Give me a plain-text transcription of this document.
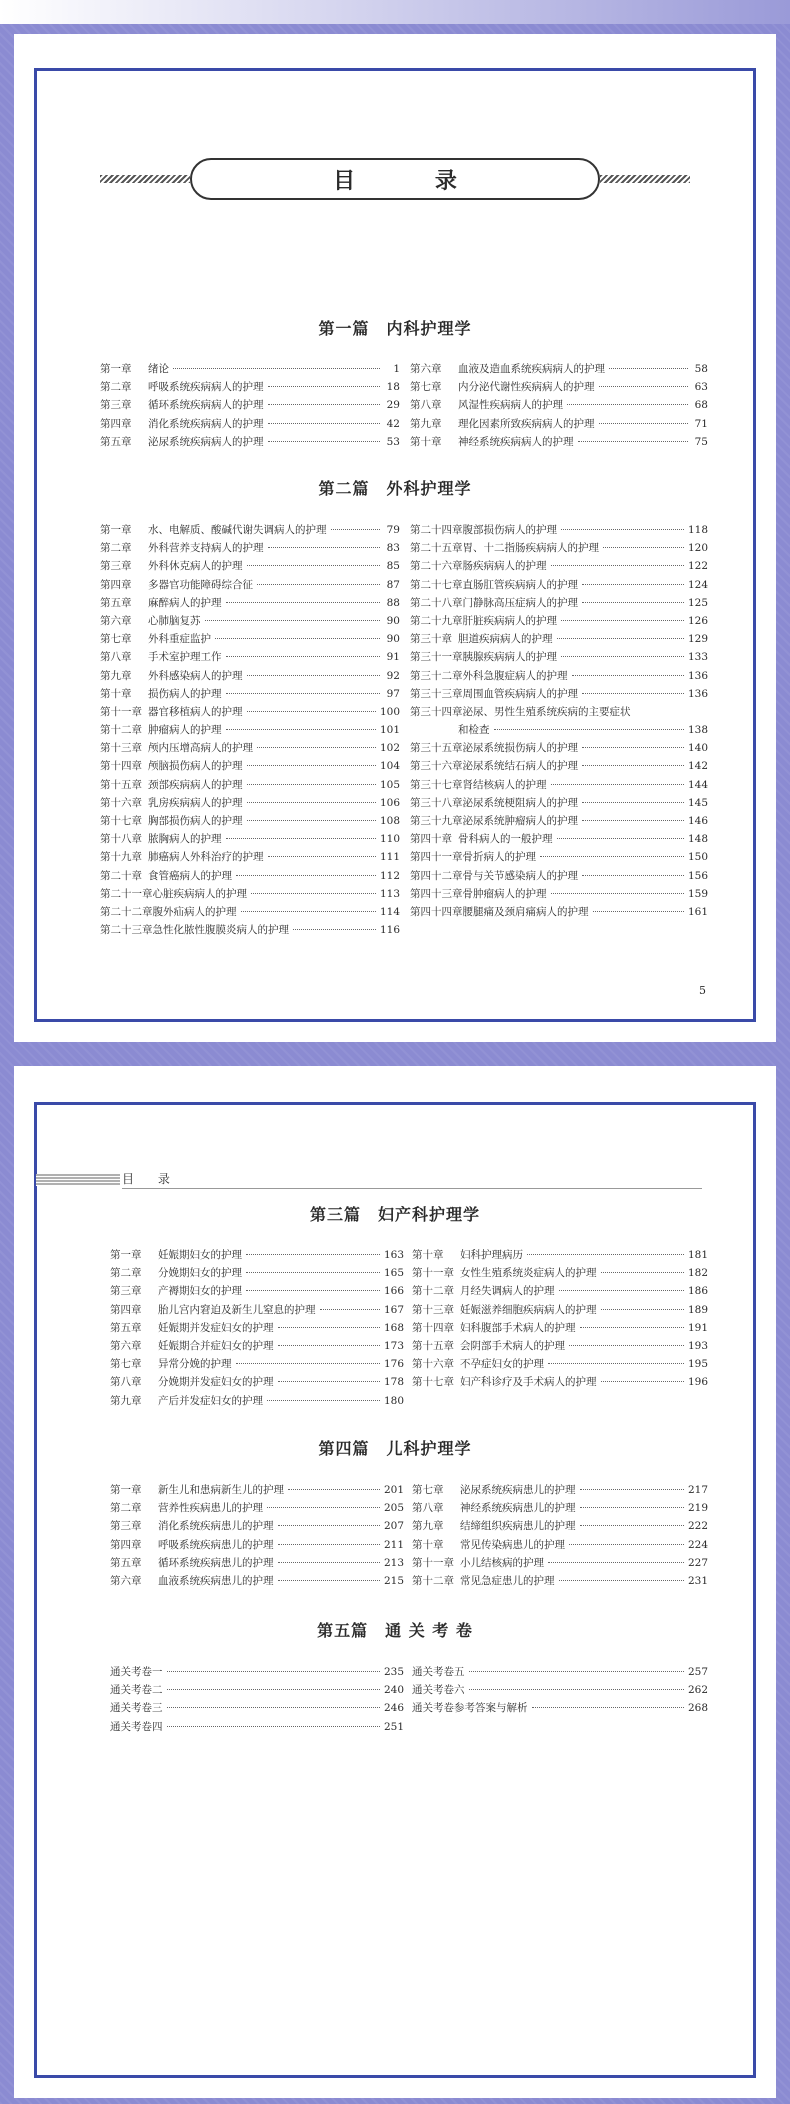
目 录
第一篇　内科护理学
第一章	绪论	1
第二章	呼吸系统疾病病人的护理	18
第三章	循环系统疾病病人的护理	29
第四章	消化系统疾病病人的护理	42
第五章	泌尿系统疾病病人的护理	53
第六章	血液及造血系统疾病病人的护理	58
第七章	内分泌代谢性疾病病人的护理	63
第八章	风湿性疾病病人的护理	68
第九章	理化因素所致疾病病人的护理	71
第十章	神经系统疾病病人的护理	75
第二篇　外科护理学
第一章	水、电解质、酸碱代谢失调病人的护理	79
第二章	外科营养支持病人的护理	83
第三章	外科休克病人的护理	85
第四章	多器官功能障碍综合征	87
第五章	麻醉病人的护理	88
第六章	心肺脑复苏	90
第七章	外科重症监护	90
第八章	手术室护理工作	91
第九章	外科感染病人的护理	92
第十章	损伤病人的护理	97
第十一章 器官移植病人的护理	100
第十二章 肿瘤病人的护理	101
第十三章 颅内压增高病人的护理	102
第十四章 颅脑损伤病人的护理	104
第十五章 颈部疾病病人的护理	105
第十六章 乳房疾病病人的护理	106
第十七章 胸部损伤病人的护理	108
第十八章 脓胸病人的护理	110
第十九章 肺癌病人外科治疗的护理	111
第二十章 食管癌病人的护理	112
第二十一章 心脏疾病病人的护理	113
第二十二章 腹外疝病人的护理	114
第二十三章 急性化脓性腹膜炎病人的护理	116
第二十四章 腹部损伤病人的护理	118
第二十五章 胃、十二指肠疾病病人的护理	120
第二十六章 肠疾病病人的护理	122
第二十七章 直肠肛管疾病病人的护理	124
第二十八章 门静脉高压症病人的护理	125
第二十九章 肝脏疾病病人的护理	126
第三十章 胆道疾病病人的护理	129
第三十一章 胰腺疾病病人的护理	133
第三十二章 外科急腹症病人的护理	136
第三十三章 周围血管疾病病人的护理	136
第三十四章 泌尿、男性生殖系统疾病的主要症状
和检查	138
第三十五章 泌尿系统损伤病人的护理	140
第三十六章 泌尿系统结石病人的护理	142
第三十七章 肾结核病人的护理	144
第三十八章 泌尿系统梗阻病人的护理	145
第三十九章 泌尿系统肿瘤病人的护理	146
第四十章 骨科病人的一般护理	148
第四十一章 骨折病人的护理	150
第四十二章 骨与关节感染病人的护理	156
第四十三章 骨肿瘤病人的护理	159
第四十四章 腰腿痛及颈肩痛病人的护理	161
5
目 录
第三篇　妇产科护理学
第一章	妊娠期妇女的护理	163
第二章	分娩期妇女的护理	165
第三章	产褥期妇女的护理	166
第四章	胎儿宫内窘迫及新生儿窒息的护理	167
第五章	妊娠期并发症妇女的护理	168
第六章	妊娠期合并症妇女的护理	173
第七章	异常分娩的护理	176
第八章	分娩期并发症妇女的护理	178
第九章	产后并发症妇女的护理	180
第十章	妇科护理病历	181
第十一章 女性生殖系统炎症病人的护理	182
第十二章 月经失调病人的护理	186
第十三章 妊娠滋养细胞疾病病人的护理	189
第十四章 妇科腹部手术病人的护理	191
第十五章 会阴部手术病人的护理	193
第十六章 不孕症妇女的护理	195
第十七章 妇产科诊疗及手术病人的护理	196
第四篇　儿科护理学
第一章	新生儿和患病新生儿的护理	201
第二章	营养性疾病患儿的护理	205
第三章	消化系统疾病患儿的护理	207
第四章	呼吸系统疾病患儿的护理	211
第五章	循环系统疾病患儿的护理	213
第六章	血液系统疾病患儿的护理	215
第七章	泌尿系统疾病患儿的护理	217
第八章	神经系统疾病患儿的护理	219
第九章	结缔组织疾病患儿的护理	222
第十章	常见传染病患儿的护理	224
第十一章 小儿结核病的护理	227
第十二章 常见急症患儿的护理	231
第五篇　通 关 考 卷
通关考卷一	235
通关考卷二	240
通关考卷三	246
通关考卷四	251
通关考卷五	257
通关考卷六	262
通关考卷参考答案与解析	268
